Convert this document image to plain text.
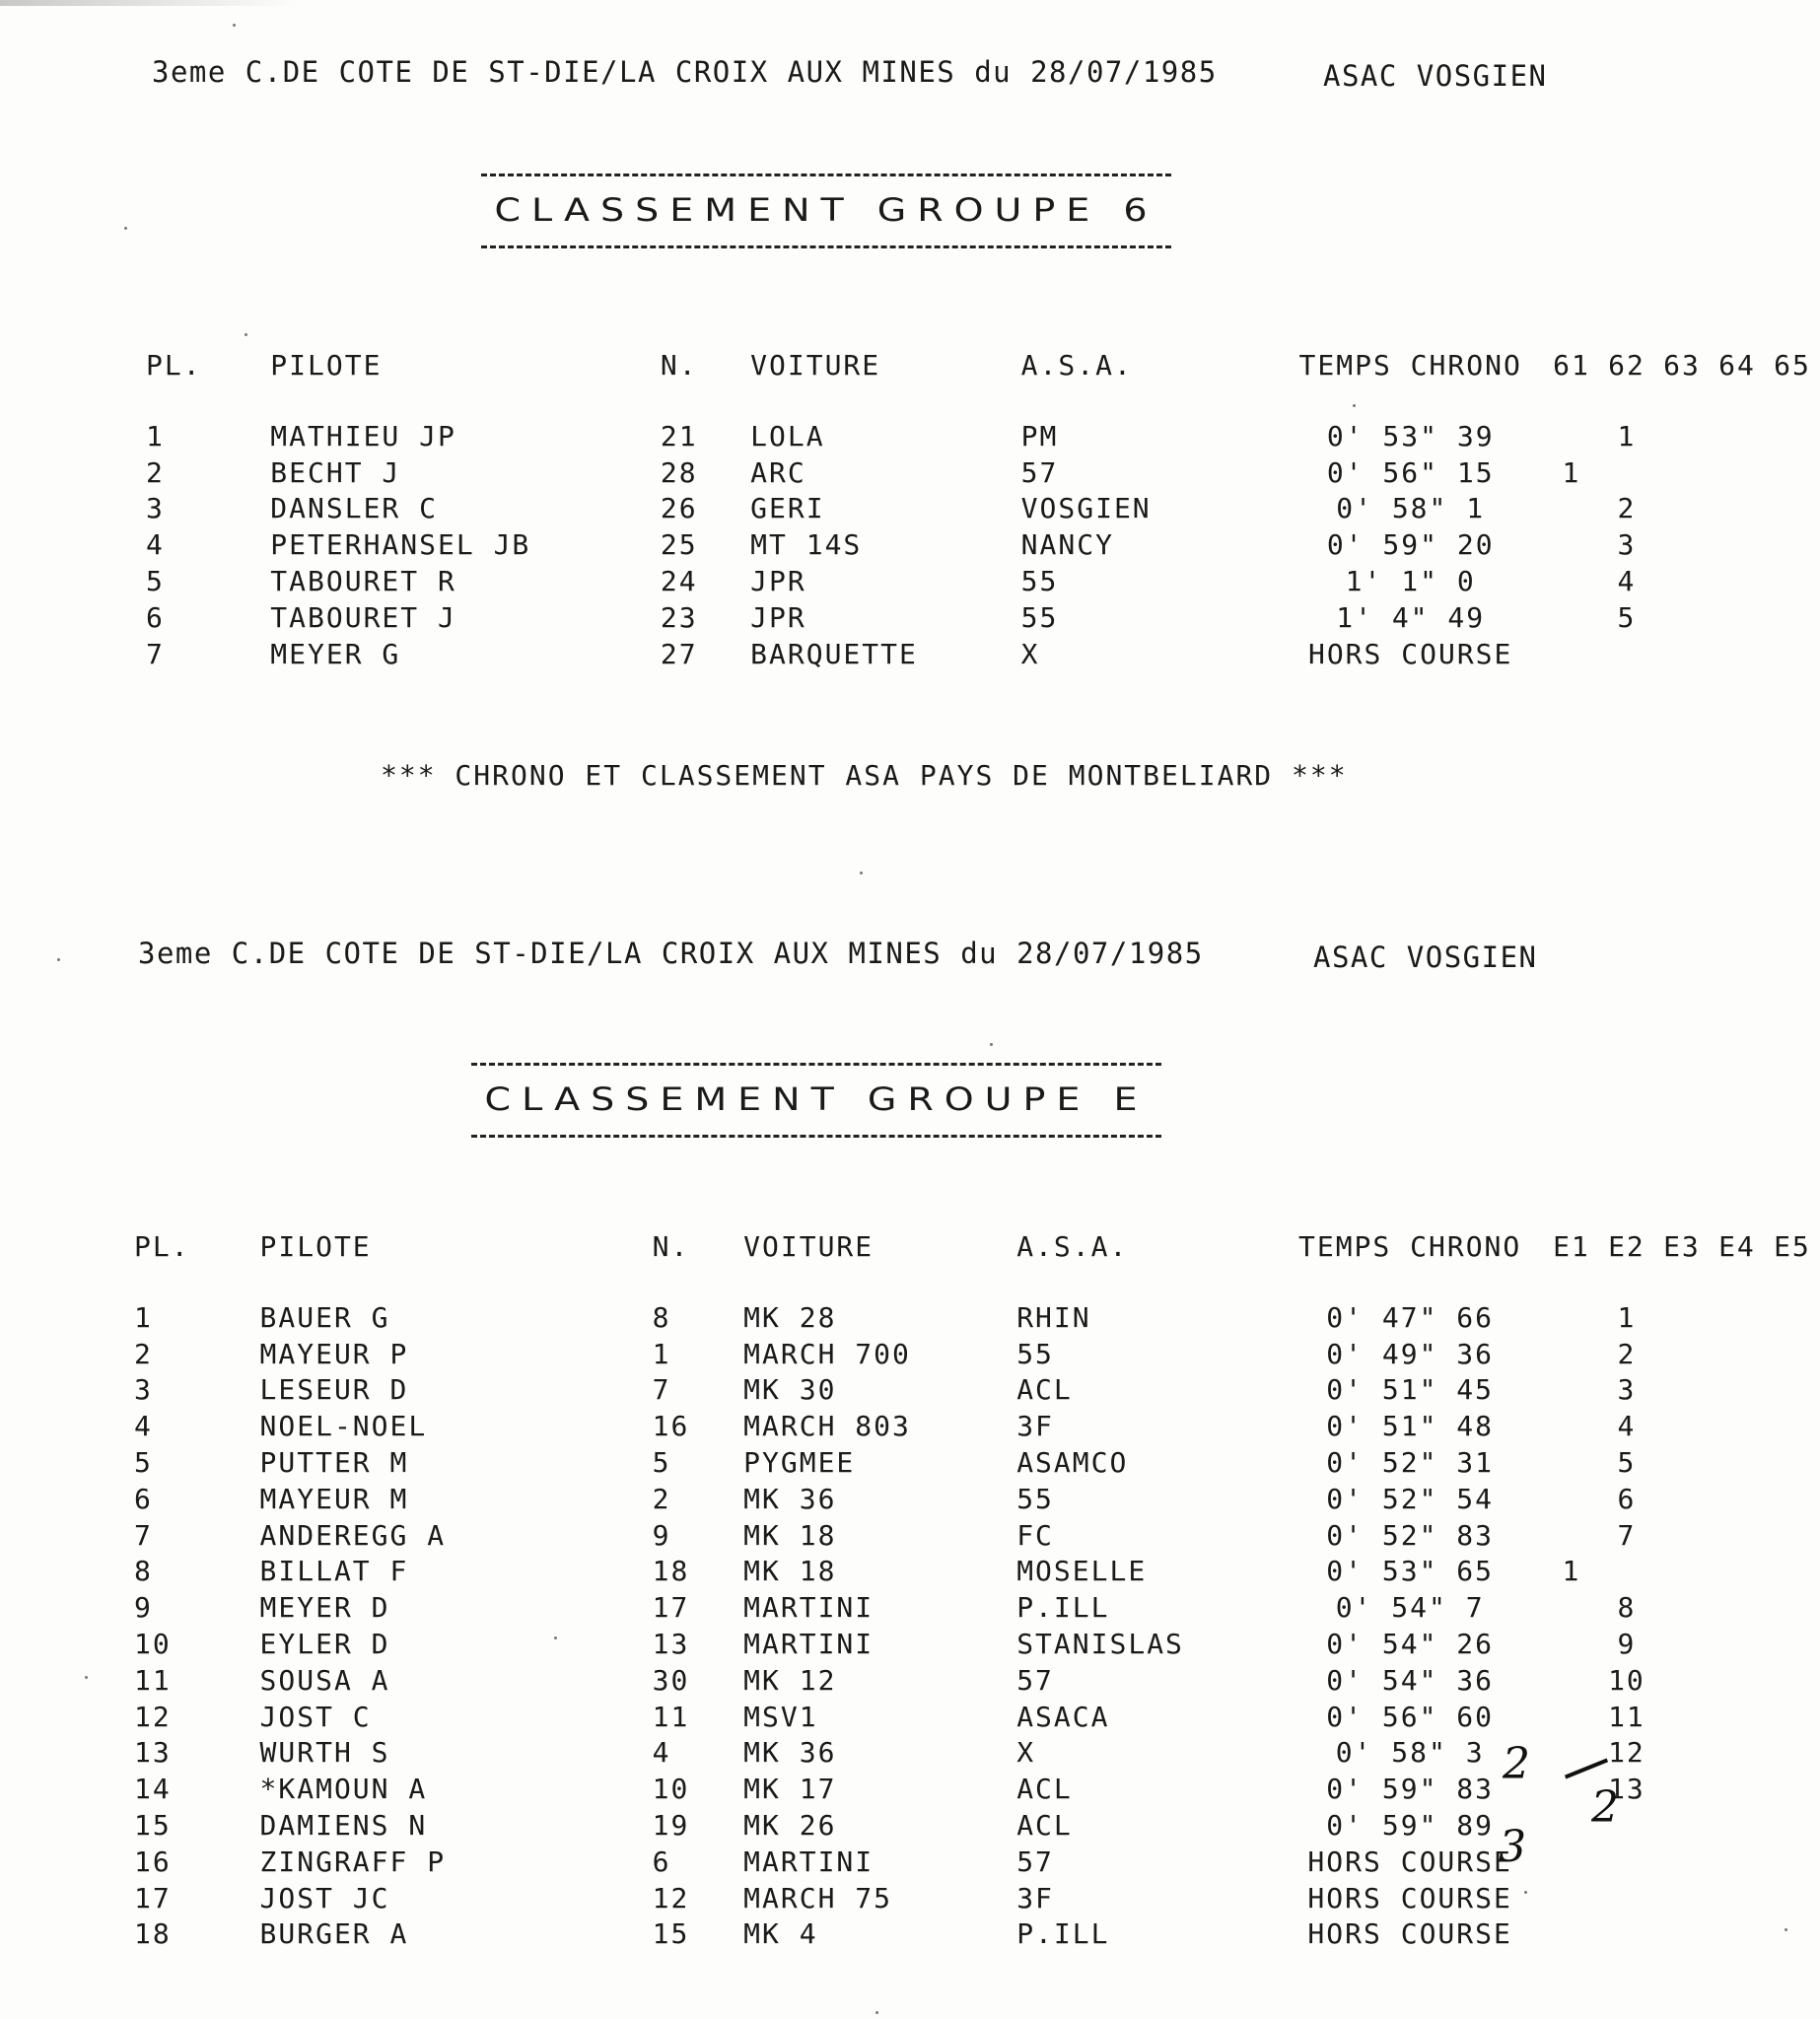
3eme C.DE COTE DE ST-DIE/LA CROIX AUX MINES du 28/07/1985	ASAC VOSGIEN
CLASSEMENT GROUPE 6
PL.	PILOTE	N.	VOITURE	A.S.A.	TEMPS CHRONO	61 62 63 64 65

1	MATHIEU JP	21	LOLA	PM	0' 53" 39	1

2	BECHT J	28	ARC	57	0' 56" 15	1

3	DANSLER C	26	GERI	VOSGIEN	0' 58" 1	2

4	PETERHANSEL JB	25	MT 14S	NANCY	0' 59" 20	3

5	TABOURET R	24	JPR	55	1' 1" 0	4

6	TABOURET J	23	JPR	55	1' 4" 49	5

7	MEYER G	27	BARQUETTE	X	HORS COURSE	
*** CHRONO ET CLASSEMENT ASA PAYS DE MONTBELIARD ***
3eme C.DE COTE DE ST-DIE/LA CROIX AUX MINES du 28/07/1985	ASAC VOSGIEN
CLASSEMENT GROUPE E
PL.	PILOTE	N.	VOITURE	A.S.A.	TEMPS CHRONO	E1 E2 E3 E4 E5

1	BAUER G	8	MK 28	RHIN	0' 47" 66	1

2	MAYEUR P	1	MARCH 700	55	0' 49" 36	2

3	LESEUR D	7	MK 30	ACL	0' 51" 45	3

4	NOEL-NOEL	16	MARCH 803	3F	0' 51" 48	4

5	PUTTER M	5	PYGMEE	ASAMCO	0' 52" 31	5

6	MAYEUR M	2	MK 36	55	0' 52" 54	6

7	ANDEREGG A	9	MK 18	FC	0' 52" 83	7

8	BILLAT F	18	MK 18	MOSELLE	0' 53" 65	1

9	MEYER D	17	MARTINI	P.ILL	0' 54" 7	8

10	EYLER D	13	MARTINI	STANISLAS	0' 54" 26	9

11	SOUSA A	30	MK 12	57	0' 54" 36	10

12	JOST C	11	MSV1	ASACA	0' 56" 60	11

13	WURTH S	4	MK 36	X	0' 58" 3	12

14	*KAMOUN A	10	MK 17	ACL	0' 59" 83	13

15	DAMIENS N	19	MK 26	ACL	0' 59" 89	

16	ZINGRAFF P	6	MARTINI	57	HORS COURSE	

17	JOST JC	12	MARCH 75	3F	HORS COURSE	

18	BURGER A	15	MK 4	P.ILL	HORS COURSE	
2
2
3
